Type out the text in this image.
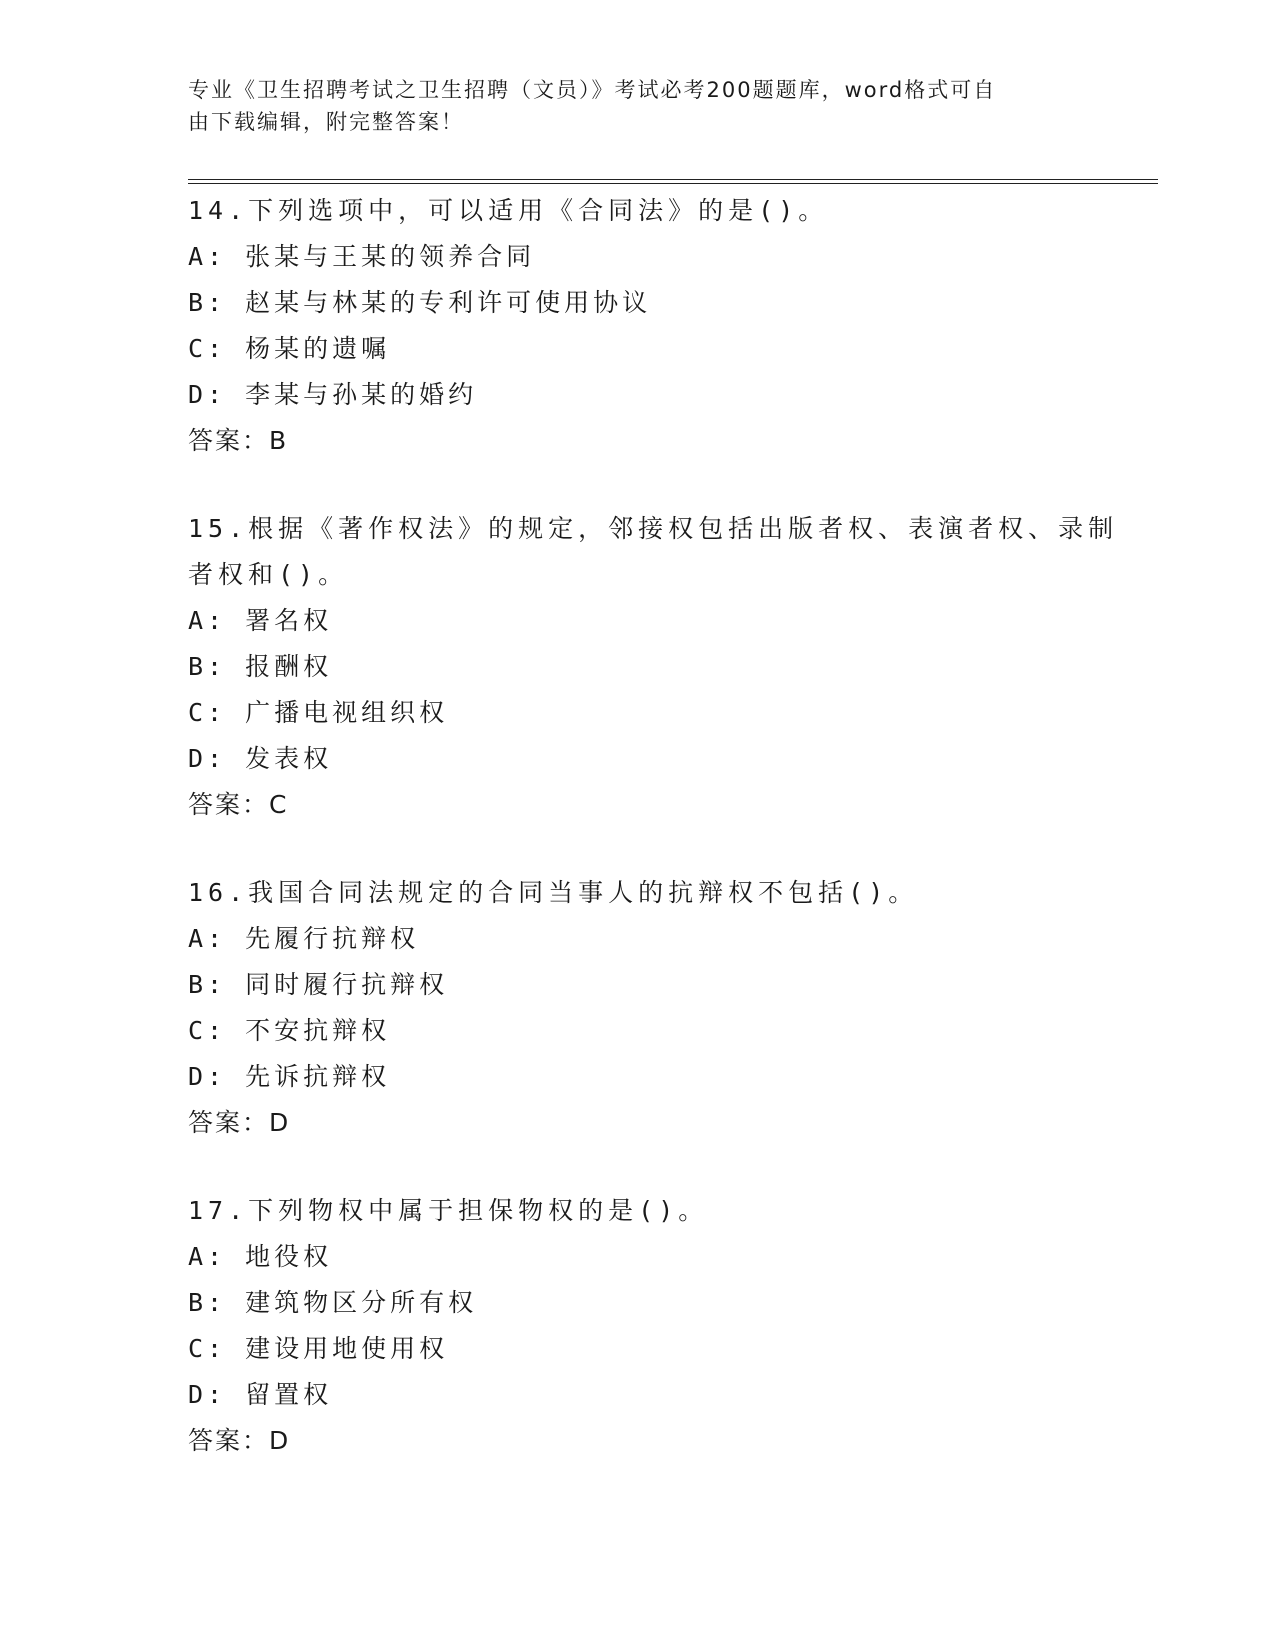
专业《卫生招聘考试之卫生招聘（文员）》考试必考200题题库，word格式可自
由下载编辑，附完整答案！
14.下列选项中，可以适用《合同法》的是()。
A: 张某与王某的领养合同
B: 赵某与林某的专利许可使用协议
C: 杨某的遗嘱
D: 李某与孙某的婚约
答案：B
15.根据《著作权法》的规定，邻接权包括出版者权、表演者权、录制
者权和()。
A: 署名权
B: 报酬权
C: 广播电视组织权
D: 发表权
答案：C
16.我国合同法规定的合同当事人的抗辩权不包括()。
A: 先履行抗辩权
B: 同时履行抗辩权
C: 不安抗辩权
D: 先诉抗辩权
答案：D
17.下列物权中属于担保物权的是()。
A: 地役权
B: 建筑物区分所有权
C: 建设用地使用权
D: 留置权
答案：D
